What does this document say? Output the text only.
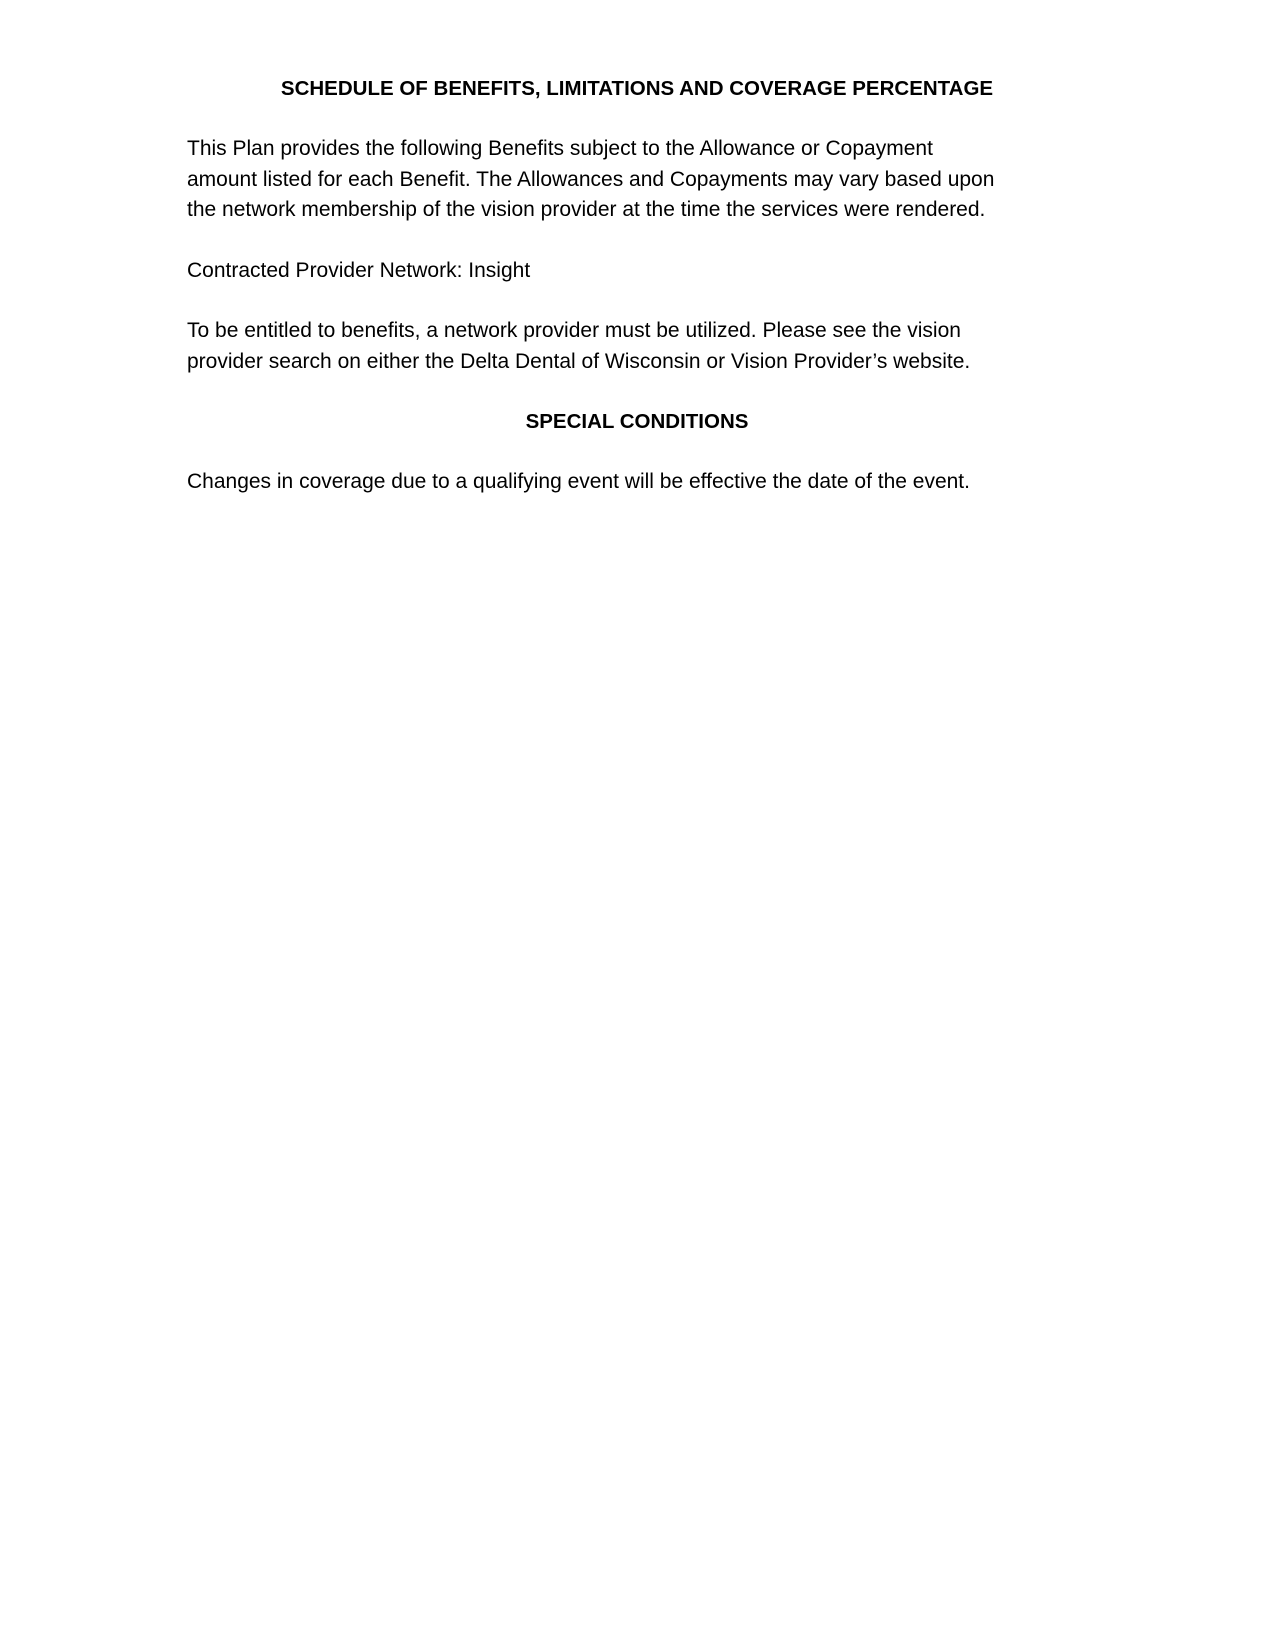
SCHEDULE OF BENEFITS, LIMITATIONS AND COVERAGE PERCENTAGE

This Plan provides the following Benefits subject to the Allowance or Copayment
amount listed for each Benefit. The Allowances and Copayments may vary based upon
the network membership of the vision provider at the time the services were rendered.

Contracted Provider Network: Insight

To be entitled to benefits, a network provider must be utilized. Please see the vision
provider search on either the Delta Dental of Wisconsin or Vision Provider’s website.

SPECIAL CONDITIONS

Changes in coverage due to a qualifying event will be effective the date of the event.
